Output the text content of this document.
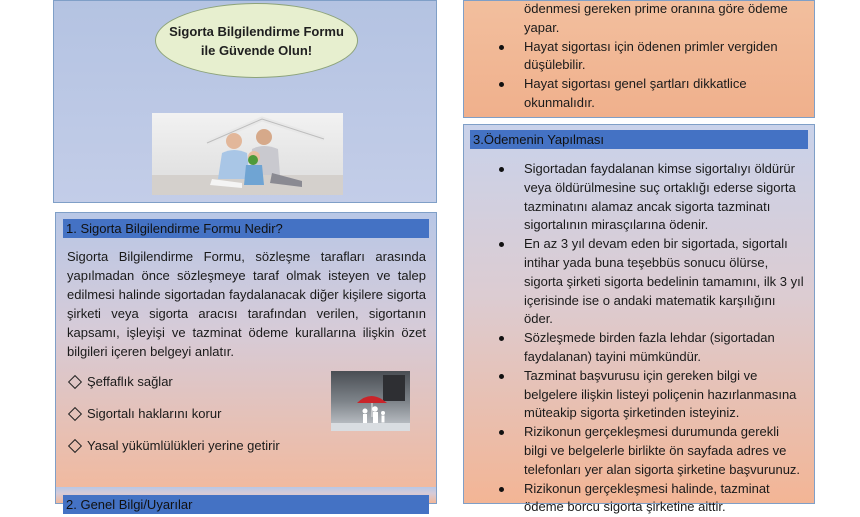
Sigorta Bilgilendirme Formu ile Güvende Olun!
1. Sigorta Bilgilendirme Formu Nedir?
Sigorta Bilgilendirme Formu, sözleşme tarafları arasında yapılmadan önce sözleşmeye taraf olmak isteyen ve talep edilmesi halinde sigortadan faydalanacak diğer kişilere sigorta şirketi veya sigorta aracısı tarafından verilen, sigortanın kapsamı, işleyişi ve tazminat ödeme kurallarına ilişkin özet bilgileri içeren belgeyi anlatır.
Şeffaflık sağlar
Sigortalı haklarını korur
Yasal yükümlülükleri yerine getirir
2. Genel Bilgi/Uyarılar
ödenmesi gereken prime oranına göre ödeme yapar.
Hayat sigortası için ödenen primler vergiden düşülebilir.
Hayat sigortası genel şartları dikkatlice okunmalıdır.
3.Ödemenin Yapılması
Sigortadan faydalanan kimse sigortalıyı öldürür veya öldürülmesine suç ortaklığı ederse sigorta tazminatını alamaz ancak sigorta tazminatı sigortalının mirasçılarına ödenir.
En az 3 yıl devam eden bir sigortada, sigortalı intihar yada buna teşebbüs sonucu ölürse, sigorta şirketi sigorta bedelinin tamamını, ilk 3 yıl içerisinde ise o andaki matematik karşılığını öder.
Sözleşmede birden fazla lehdar (sigortadan faydalanan) tayini mümkündür.
Tazminat başvurusu için gereken bilgi ve belgelere ilişkin listeyi poliçenin hazırlanmasına müteakip sigorta şirketinden isteyiniz.
Rizikonun gerçekleşmesi durumunda gerekli bilgi ve belgelerle birlikte ön sayfada adres ve telefonları yer alan sigorta şirketine başvurunuz.
Rizikonun gerçekleşmesi halinde, tazminat ödeme borcu sigorta şirketine aittir.
